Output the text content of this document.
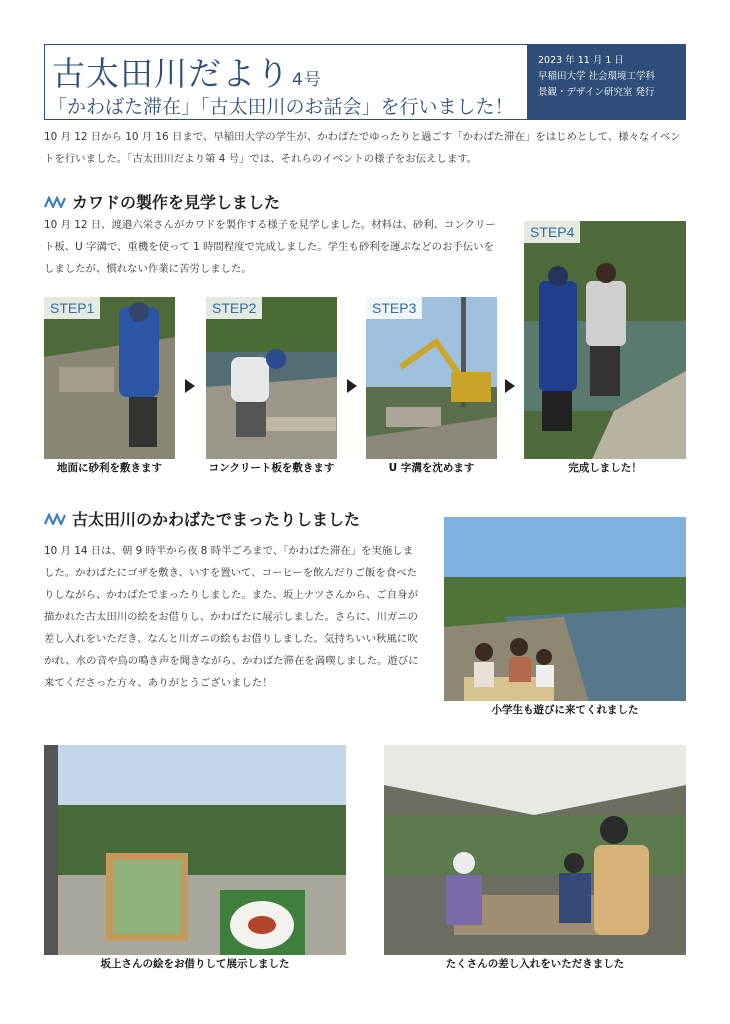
古太田川だより 4号
「かわばた滞在」「古太田川のお話会」を行いました！
2023 年 11 月 1 日
早稲田大学 社会環境工学科
景観・デザイン研究室 発行

10 月 12 日から 10 月 16 日まで、早稲田大学の学生が、かわばたでゆったりと過ごす「かわばた滞在」をはじめとして、様々なイベントを行いました。「古太田川だより第 4 号」では、それらのイベントの様子をお伝えします。

カワドの製作を見学しました

10 月 12 日、渡邉六栄さんがカワドを製作する様子を見学しました。材料は、砂利、コンクリート板、U 字溝で、重機を使って 1 時間程度で完成しました。学生も砂利を運ぶなどのお手伝いをしましたが、慣れない作業に苦労しました。

STEP1
地面に砂利を敷きます
STEP2
コンクリート板を敷きます
STEP3
U 字溝を沈めます
STEP4
完成しました！
古太田川のかわばたでまったりしました

10 月 14 日は、朝 9 時半から夜 8 時半ごろまで、「かわばた滞在」を実施しました。かわばたにゴザを敷き、いすを置いて、コーヒーを飲んだりご飯を食べたりしながら、かわばたでまったりしました。また、坂上ナツさんから、ご自身が描かれた古太田川の絵をお借りし、かわばたに展示しました。さらに、川ガニの差し入れをいただき、なんと川ガニの絵もお借りしました。気持ちいい秋風に吹かれ、水の音や鳥の鳴き声を聞きながら、かわばた滞在を満喫しました。遊びに来てくださった方々、ありがとうございました！

小学生も遊びに来てくれました
坂上さんの絵をお借りして展示しました	たくさんの差し入れをいただきました
